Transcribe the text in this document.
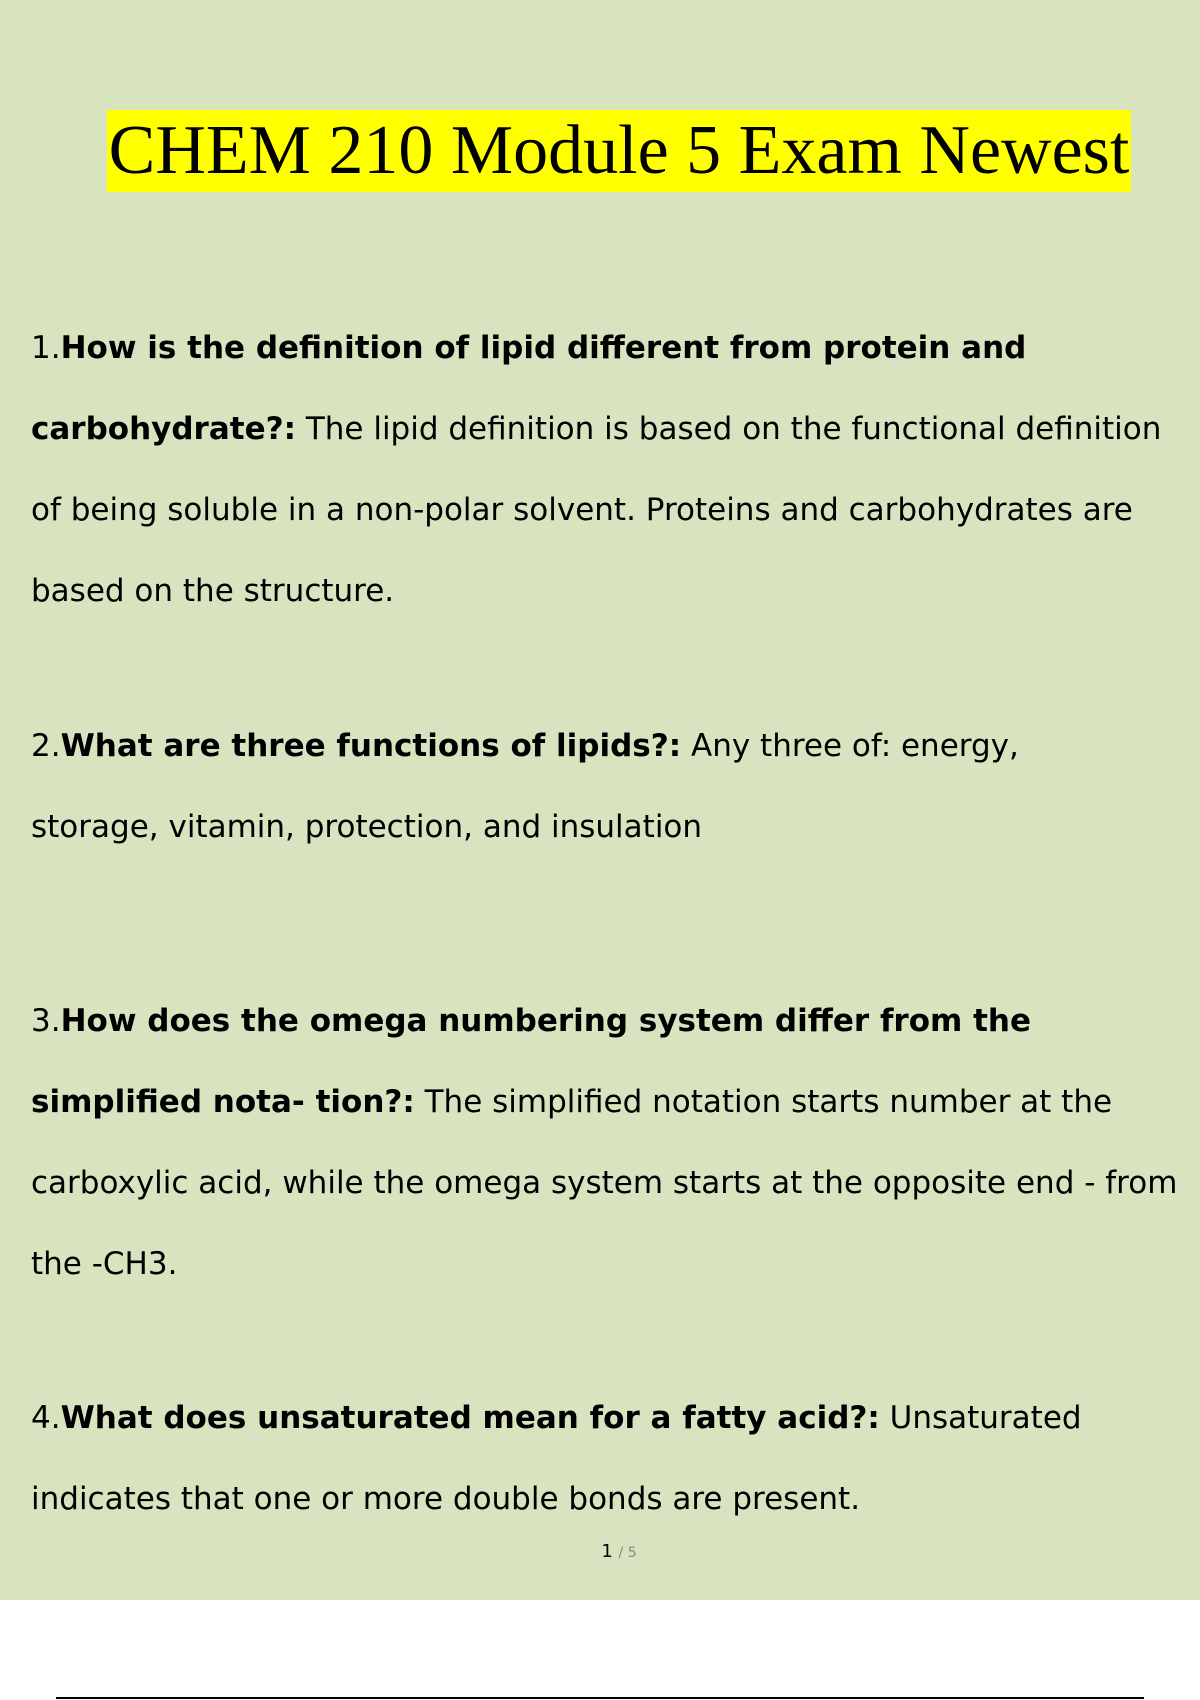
CHEM 210 Module 5 Exam Newest
1.How is the definition of lipid different from protein and
carbohydrate?: The lipid definition is based on the functional definition
of being soluble in a non-polar solvent. Proteins and carbohydrates are
based on the structure.
2.What are three functions of lipids?: Any three of: energy,
storage, vitamin, protection, and insulation
3.How does the omega numbering system differ from the
simplified nota- tion?: The simplified notation starts number at the
carboxylic acid, while the omega system starts at the opposite end - from
the -CH3.
4.What does unsaturated mean for a fatty acid?: Unsaturated
indicates that one or more double bonds are present.
1 / 5
